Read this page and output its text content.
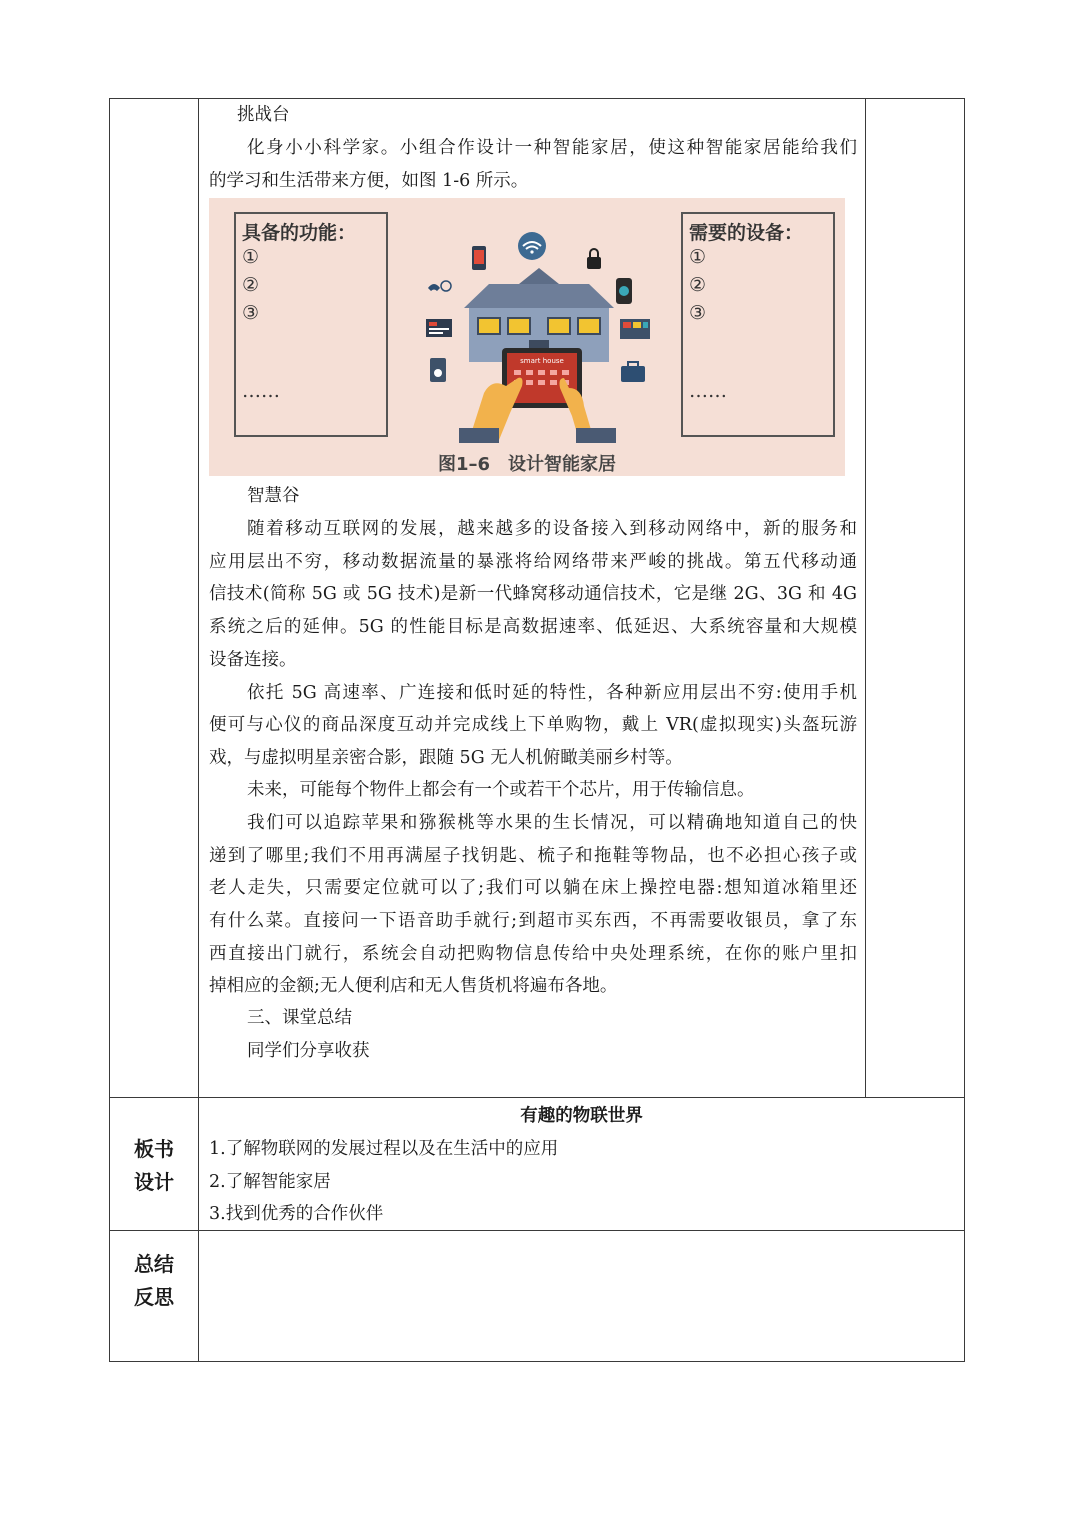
挑战台
化身小小科学家。小组合作设计一种智能家居，使这种智能家居能给我们
的学习和生活带来方便，如图 1-6 所示。
具备的功能：
①
②
③
……
需要的设备：
①
②
③
……
smart house
图1–6　设计智能家居
智慧谷
随着移动互联网的发展，越来越多的设备接入到移动网络中，新的服务和
应用层出不穷，移动数据流量的暴涨将给网络带来严峻的挑战。第五代移动通
信技术(简称 5G 或 5G 技术)是新一代蜂窝移动通信技术，它是继 2G、3G 和 4G
系统之后的延伸。5G 的性能目标是高数据速率、低延迟、大系统容量和大规模
设备连接。
依托 5G 高速率、广连接和低时延的特性，各种新应用层出不穷:使用手机
便可与心仪的商品深度互动并完成线上下单购物，戴上 VR(虚拟现实)头盔玩游
戏，与虚拟明星亲密合影，跟随 5G 无人机俯瞰美丽乡村等。
未来，可能每个物件上都会有一个或若干个芯片，用于传输信息。
我们可以追踪苹果和猕猴桃等水果的生长情况，可以精确地知道自己的快
递到了哪里;我们不用再满屋子找钥匙、梳子和拖鞋等物品，也不必担心孩子或
老人走失，只需要定位就可以了;我们可以躺在床上操控电器:想知道冰箱里还
有什么菜。直接问一下语音助手就行;到超市买东西，不再需要收银员，拿了东
西直接出门就行，系统会自动把购物信息传给中央处理系统，在你的账户里扣
掉相应的金额;无人便利店和无人售货机将遍布各地。
三、课堂总结
同学们分享收获
板书
设计
有趣的物联世界
1.了解物联网的发展过程以及在生活中的应用
2.了解智能家居
3.找到优秀的合作伙伴
总结
反思
